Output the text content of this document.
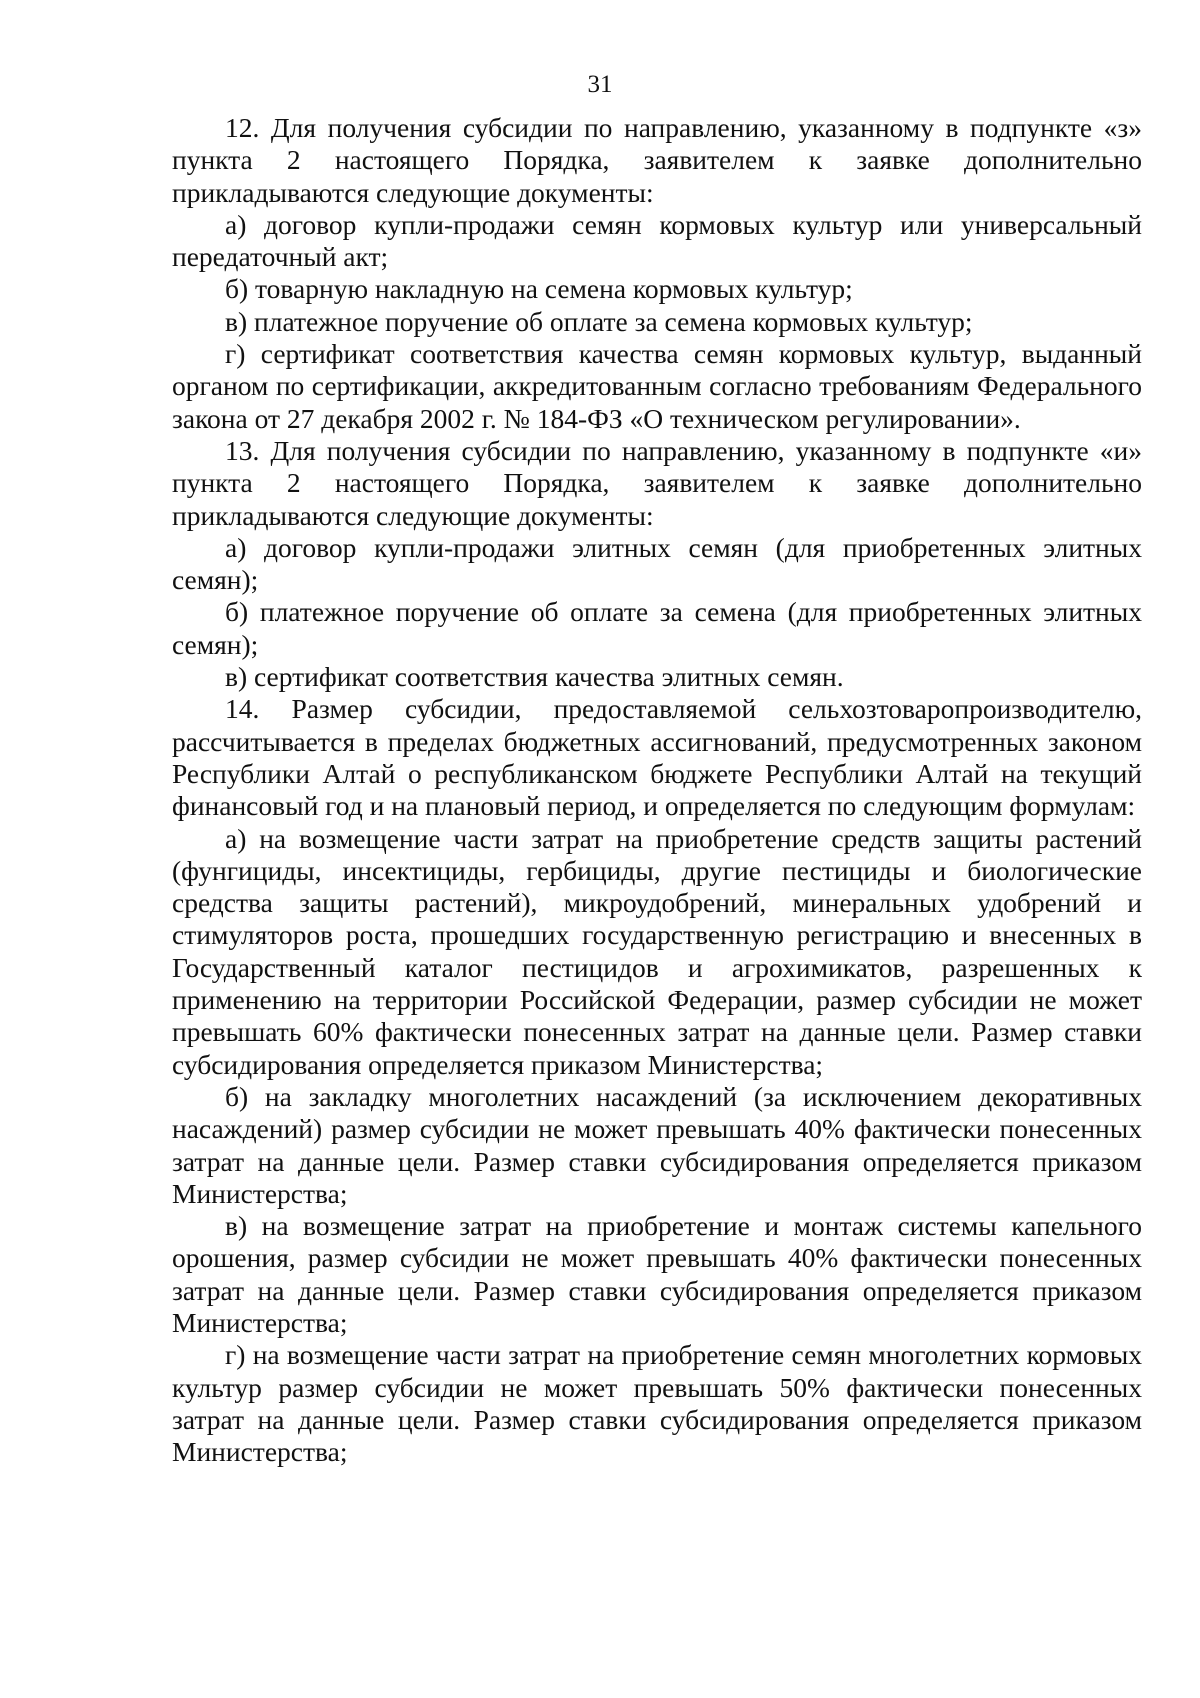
31

12. Для получения субсидии по направлению, указанному в подпункте «з» пункта 2 настоящего Порядка, заявителем к заявке дополнительно прикладываются следующие документы:

а) договор купли-продажи семян кормовых культур или универсальный передаточный акт;

б) товарную накладную на семена кормовых культур;

в) платежное поручение об оплате за семена кормовых культур;

г) сертификат соответствия качества семян кормовых культур, выданный органом по сертификации, аккредитованным согласно требованиям Федерального закона от 27 декабря 2002 г. № 184-ФЗ «О техническом регулировании».

13. Для получения субсидии по направлению, указанному в подпункте «и» пункта 2 настоящего Порядка, заявителем к заявке дополнительно прикладываются следующие документы:

а) договор купли-продажи элитных семян (для приобретенных элитных семян);

б) платежное поручение об оплате за семена (для приобретенных элитных семян);

в) сертификат соответствия качества элитных семян.

14. Размер субсидии, предоставляемой сельхозтоваропроизводителю, рассчитывается в пределах бюджетных ассигнований, предусмотренных законом Республики Алтай о республиканском бюджете Республики Алтай на текущий финансовый год и на плановый период, и определяется по следующим формулам:

а) на возмещение части затрат на приобретение средств защиты растений (фунгициды, инсектициды, гербициды, другие пестициды и биологические средства защиты растений), микроудобрений, минеральных удобрений и стимуляторов роста, прошедших государственную регистрацию и внесенных в Государственный каталог пестицидов и агрохимикатов, разрешенных к применению на территории Российской Федерации, размер субсидии не может превышать 60% фактически понесенных затрат на данные цели. Размер ставки субсидирования определяется приказом Министерства;

б) на закладку многолетних насаждений (за исключением декоративных насаждений) размер субсидии не может превышать 40% фактически понесенных затрат на данные цели. Размер ставки субсидирования определяется приказом Министерства;

в) на возмещение затрат на приобретение и монтаж системы капельного орошения, размер субсидии не может превышать 40% фактически понесенных затрат на данные цели. Размер ставки субсидирования определяется приказом Министерства;

г) на возмещение части затрат на приобретение семян многолетних кормовых культур размер субсидии не может превышать 50% фактически понесенных затрат на данные цели. Размер ставки субсидирования определяется приказом Министерства;
